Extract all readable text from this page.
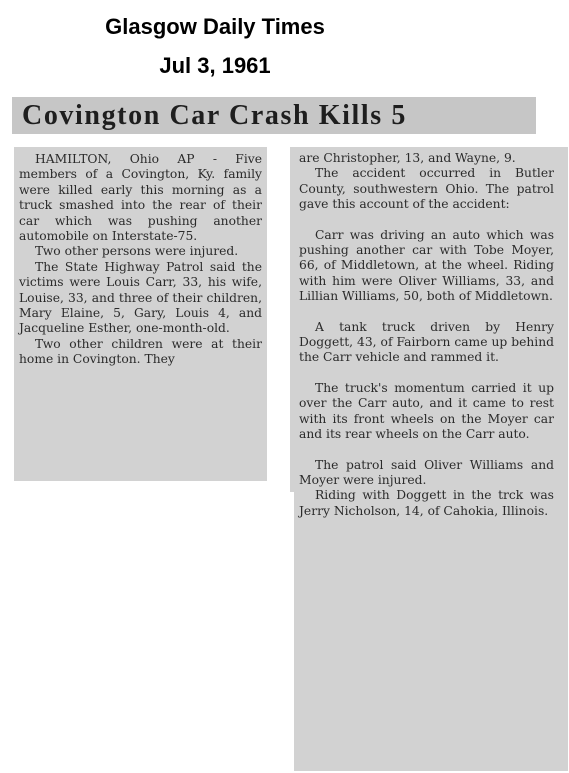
Glasgow Daily Times
Jul 3, 1961
Covington Car Crash Kills 5

HAMILTON, Ohio AP - Five members of a Covington, Ky. family were killed early this morning as a truck smashed into the rear of their car which was pushing another automobile on Interstate-75.

Two other persons were injured.

The State Highway Patrol said the victims were Louis Carr, 33, his wife, Louise, 33, and three of their children, Mary Elaine, 5, Gary, Louis 4, and Jacqueline Esther, one-month-old.

Two other children were at their home in Covington. They

are Christopher, 13, and Wayne, 9.

The accident occurred in Butler County, southwestern Ohio. The patrol gave this account of the accident:

Carr was driving an auto which was pushing another car with Tobe Moyer, 66, of Middletown, at the wheel. Riding with him were Oliver Williams, 33, and Lillian Williams, 50, both of Middletown.

A tank truck driven by Henry Doggett, 43, of Fairborn came up behind the Carr vehicle and rammed it.

The truck's momentum carried it up over the Carr auto, and it came to rest with its front wheels on the Moyer car and its rear wheels on the Carr auto.

The patrol said Oliver Williams and Moyer were injured.

Riding with Doggett in the trck was Jerry Nicholson, 14, of Cahokia, Illinois.
